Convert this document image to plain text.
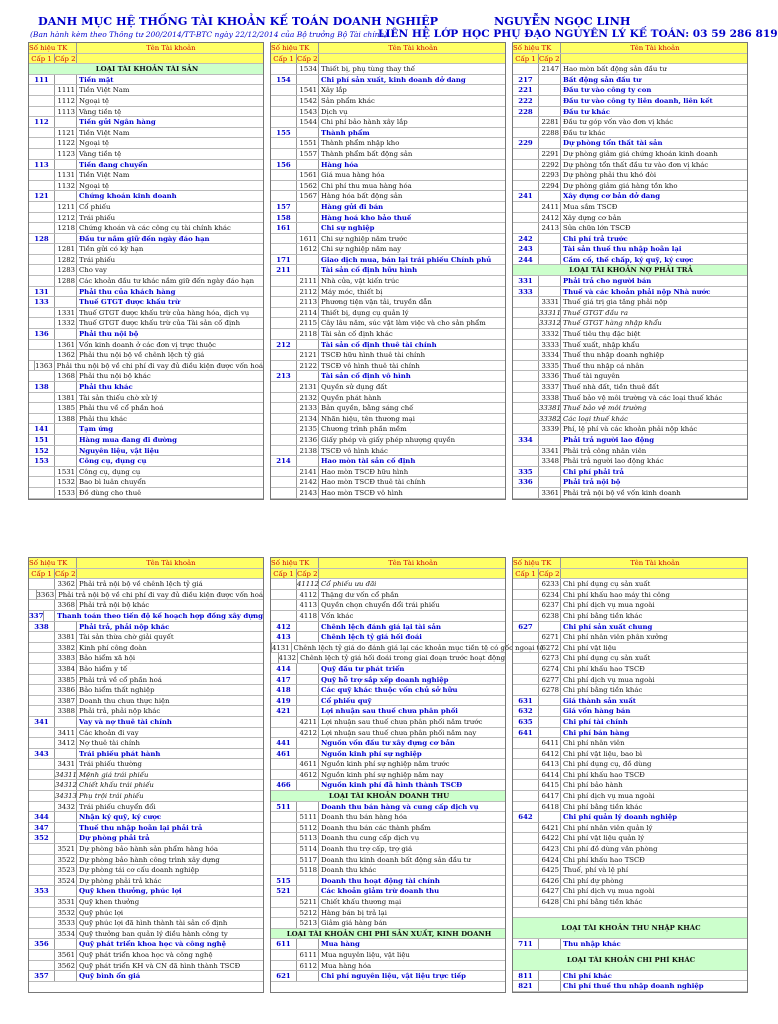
DANH MỤC HỆ THỐNG TÀI KHOẢN KẾ TOÁN DOANH NGHIỆP
(Ban hành kèm theo Thông tư 200/2014/TT-BTC ngày 22/12/2014 của Bộ trưởng Bộ Tài chính)
NGUYỄN NGỌC LINH
LIÊN HỆ LỚP HỌC PHỤ ĐẠO NGUYÊN LÝ KẾ TOÁN: 03 59 286 819
Số hiệu TK	Tên Tài khoản
Cấp 1 Cấp 2
LOẠI TÀI KHOẢN TÀI SẢN
111	Tiền mặt
1111 Tiền Việt Nam
1112 Ngoại tệ
1113 Vàng tiền tệ
112	Tiền gửi Ngân hàng
1121 Tiền Việt Nam
1122 Ngoại tệ
1123 Vàng tiền tệ
113	Tiền đang chuyển
1131 Tiền Việt Nam
1132 Ngoại tệ
121	Chứng khoán kinh doanh
1211 Cổ phiếu
1212 Trái phiếu
1218 Chứng khoán và các công cụ tài chính khác
128	Đầu tư nắm giữ đến ngày đáo hạn
1281 Tiền gửi có kỳ hạn
1282 Trái phiếu
1283 Cho vay
1288 Các khoản đầu tư khác nắm giữ đến ngày đáo hạn
131	Phải thu của khách hàng
133	Thuế GTGT được khấu trừ
1331 Thuế GTGT được khấu trừ của hàng hóa, dịch vụ
1332 Thuế GTGT được khấu trừ của Tài sản cố định
136	Phải thu nội bộ
1361 Vốn kinh doanh ở các đơn vị trực thuộc
1362 Phải thu nội bộ về chênh lệch tỷ giá
1363 Phải thu nội bộ về chi phí đi vay đủ điều kiện được vốn hoá
1368 Phải thu nội bộ khác
138	Phải thu khác
1381 Tài sản thiếu chờ xử lý
1385 Phải thu về cổ phần hoá
1388 Phải thu khác
141	Tạm ứng
151	Hàng mua đang đi đường
152	Nguyên liệu, vật liệu
153	Công cụ, dụng cụ
1531 Công cụ, dụng cụ
1532 Bao bì luân chuyển
1533 Đồ dùng cho thuê
Số hiệu TK	Tên Tài khoản
Cấp 1 Cấp 2
1534 Thiết bị, phụ tùng thay thế
154	Chi phí sản xuất, kinh doanh dở dang
1541 Xây lắp
1542 Sản phẩm khác
1543 Dịch vụ
1544 Chi phí bảo hành xây lắp
155	Thành phẩm
1551 Thành phẩm nhập kho
1557 Thành phẩm bất động sản
156	Hàng hóa
1561 Giá mua hàng hóa
1562 Chi phí thu mua hàng hóa
1567 Hàng hóa bất động sản
157	Hàng gửi đi bán
158	Hàng hoá kho bảo thuế
161	Chi sự nghiệp
1611 Chi sự nghiệp năm trước
1612 Chi sự nghiệp năm nay
171	Giao dịch mua, bán lại trái phiếu Chính phủ
211	Tài sản cố định hữu hình
2111 Nhà cửa, vật kiến trúc
2112 Máy móc, thiết bị
2113 Phương tiện vận tải, truyền dẫn
2114 Thiết bị, dụng cụ quản lý
2115 Cây lâu năm, súc vật làm việc và cho sản phẩm
2118 Tài sản cố định khác
212	Tài sản cố định thuê tài chính
2121 TSCĐ hữu hình thuê tài chính
2122 TSCĐ vô hình thuê tài chính
213	Tài sản cố định vô hình
2131 Quyền sử dụng đất
2132 Quyền phát hành
2133 Bản quyền, bằng sáng chế
2134 Nhãn hiệu, tên thương mại
2135 Chương trình phần mềm
2136 Giấy phép và giấy phép nhượng quyền
2138 TSCĐ vô hình khác
214	Hao mòn tài sản cố định
2141 Hao mòn TSCĐ hữu hình
2142 Hao mòn TSCĐ thuê tài chính
2143 Hao mòn TSCĐ vô hình
Số hiệu TK	Tên Tài khoản
Cấp 1 Cấp 2
2147 Hao mòn bất động sản đầu tư
217	Bất động sản đầu tư
221	Đầu tư vào công ty con
222	Đầu tư vào công ty liên doanh, liên kết
228	Đầu tư khác
2281 Đầu tư góp vốn vào đơn vị khác
2288 Đầu tư khác
229	Dự phòng tổn thất tài sản
2291 Dự phòng giảm giá chứng khoán kinh doanh
2292 Dự phòng tổn thất đầu tư vào đơn vị khác
2293 Dự phòng phải thu khó đòi
2294 Dự phòng giảm giá hàng tồn kho
241	Xây dựng cơ bản dở dang
2411 Mua sắm TSCĐ
2412 Xây dựng cơ bản
2413 Sửa chữa lớn TSCĐ
242	Chi phí trả trước
243	Tài sản thuế thu nhập hoãn lại
244	Cầm cố, thế chấp, ký quỹ, ký cược
LOẠI TÀI KHOẢN NỢ PHẢI TRẢ
331	Phải trả cho người bán
333	Thuế và các khoản phải nộp Nhà nước
3331 Thuế giá trị gia tăng phải nộp
33311 Thuế GTGT đầu ra
33312 Thuế GTGT hàng nhập khẩu
3332 Thuế tiêu thụ đặc biệt
3333 Thuế xuất, nhập khẩu
3334 Thuế thu nhập doanh nghiệp
3335 Thuế thu nhập cá nhân
3336 Thuế tài nguyên
3337 Thuế nhà đất, tiền thuê đất
3338 Thuế bảo vệ môi trường và các loại thuế khác
33381 Thuế bảo vệ môi trường
33382 Các loại thuế khác
3339 Phí, lệ phí và các khoản phải nộp khác
334	Phải trả người lao động
3341 Phải trả công nhân viên
3348 Phải trả người lao động khác
335	Chi phí phải trả
336	Phải trả nội bộ
3361 Phải trả nội bộ về vốn kinh doanh
Số hiệu TK	Tên Tài khoản
Cấp 1 Cấp 2
3362 Phải trả nội bộ về chênh lệch tỷ giá
3363 Phải trả nội bộ về chi phí đi vay đủ điều kiện được vốn hoá
3368 Phải trả nội bộ khác
337 Thanh toán theo tiến độ kế hoạch hợp đồng xây dựng
338	Phải trả, phải nộp khác
3381 Tài sản thừa chờ giải quyết
3382 Kinh phí công đoàn
3383 Bảo hiểm xã hội
3384 Bảo hiểm y tế
3385 Phải trả về cổ phần hoá
3386 Bảo hiểm thất nghiệp
3387 Doanh thu chưa thực hiện
3388 Phải trả, phải nộp khác
341	Vay và nợ thuê tài chính
3411 Các khoản đi vay
3412 Nợ thuê tài chính
343	Trái phiếu phát hành
3431 Trái phiếu thường
34311 Mệnh giá trái phiếu
34312 Chiết khấu trái phiếu
34313 Phụ trội trái phiếu
3432 Trái phiếu chuyển đổi
344	Nhận ký quỹ, ký cược
347	Thuế thu nhập hoãn lại phải trả
352	Dự phòng phải trả
3521 Dự phòng bảo hành sản phẩm hàng hóa
3522 Dự phòng bảo hành công trình xây dựng
3523 Dự phòng tái cơ cấu doanh nghiệp
3524 Dự phòng phải trả khác
353	Quỹ khen thưởng, phúc lợi
3531 Quỹ khen thưởng
3532 Quỹ phúc lợi
3533 Quỹ phúc lợi đã hình thành tài sản cố định
3534 Quỹ thưởng ban quản lý điều hành công ty
356	Quỹ phát triển khoa học và công nghệ
3561 Quỹ phát triển khoa học và công nghệ
3562 Quỹ phát triển KH và CN đã hình thành TSCĐ
357	Quỹ bình ổn giá
Số hiệu TK	Tên Tài khoản
Cấp 1 Cấp 2
41112 Cổ phiếu ưu đãi
4112 Thặng dư vốn cổ phần
4113 Quyền chọn chuyển đổi trái phiếu
4118 Vốn khác
412	Chênh lệch đánh giá lại tài sản
413	Chênh lệch tỷ giá hối đoái
4131 Chênh lệch tỷ giá do đánh giá lại các khoản mục tiền tệ có gốc ngoại tệ
4132 Chênh lệch tỷ giá hối đoái trong giai đoạn trước hoạt động
414	Quỹ đầu tư phát triển
417	Quỹ hỗ trợ sắp xếp doanh nghiệp
418	Các quỹ khác thuộc vốn chủ sở hữu
419	Cổ phiếu quỹ
421	Lợi nhuận sau thuế chưa phân phối
4211 Lợi nhuận sau thuế chưa phân phối năm trước
4212 Lợi nhuận sau thuế chưa phân phối năm nay
441	Nguồn vốn đầu tư xây dựng cơ bản
461	Nguồn kinh phí sự nghiệp
4611 Nguồn kinh phí sự nghiệp năm trước
4612 Nguồn kinh phí sự nghiệp năm nay
466	Nguồn kinh phí đã hình thành TSCĐ
LOẠI TÀI KHOẢN DOANH THU
511	Doanh thu bán hàng và cung cấp dịch vụ
5111 Doanh thu bán hàng hóa
5112 Doanh thu bán các thành phẩm
5113 Doanh thu cung cấp dịch vụ
5114 Doanh thu trợ cấp, trợ giá
5117 Doanh thu kinh doanh bất động sản đầu tư
5118 Doanh thu khác
515	Doanh thu hoạt động tài chính
521	Các khoản giảm trừ doanh thu
5211 Chiết khấu thương mại
5212 Hàng bán bị trả lại
5213 Giảm giá hàng bán
LOẠI TÀI KHOẢN CHI PHÍ SẢN XUẤT, KINH DOANH
611	Mua hàng
6111 Mua nguyên liệu, vật liệu
6112 Mua hàng hóa
621	Chi phí nguyên liệu, vật liệu trực tiếp
Số hiệu TK	Tên Tài khoản
Cấp 1 Cấp 2
6233 Chi phí dụng cụ sản xuất
6234 Chi phí khấu hao máy thi công
6237 Chi phí dịch vụ mua ngoài
6238 Chi phí bằng tiền khác
627	Chi phí sản xuất chung
6271 Chi phí nhân viên phân xưởng
6272 Chi phí vật liệu
6273 Chi phí dụng cụ sản xuất
6274 Chi phí khấu hao TSCĐ
6277 Chi phí dịch vụ mua ngoài
6278 Chi phí bằng tiền khác
631	Giá thành sản xuất
632	Giá vốn hàng bán
635	Chi phí tài chính
641	Chi phí bán hàng
6411 Chi phí nhân viên
6412 Chi phí vật liệu, bao bì
6413 Chi phí dụng cụ, đồ dùng
6414 Chi phí khấu hao TSCĐ
6415 Chi phí bảo hành
6417 Chi phí dịch vụ mua ngoài
6418 Chi phí bằng tiền khác
642	Chi phí quản lý doanh nghiệp
6421 Chi phí nhân viên quản lý
6422 Chi phí vật liệu quản lý
6423 Chi phí đồ dùng văn phòng
6424 Chi phí khấu hao TSCĐ
6425 Thuế, phí và lệ phí
6426 Chi phí dự phòng
6427 Chi phí dịch vụ mua ngoài
6428 Chi phí bằng tiền khác
LOẠI TÀI KHOẢN THU NHẬP KHÁC
711	Thu nhập khác
LOẠI TÀI KHOẢN CHI PHÍ KHÁC
811	Chi phí khác
821	Chi phí thuế thu nhập doanh nghiệp
